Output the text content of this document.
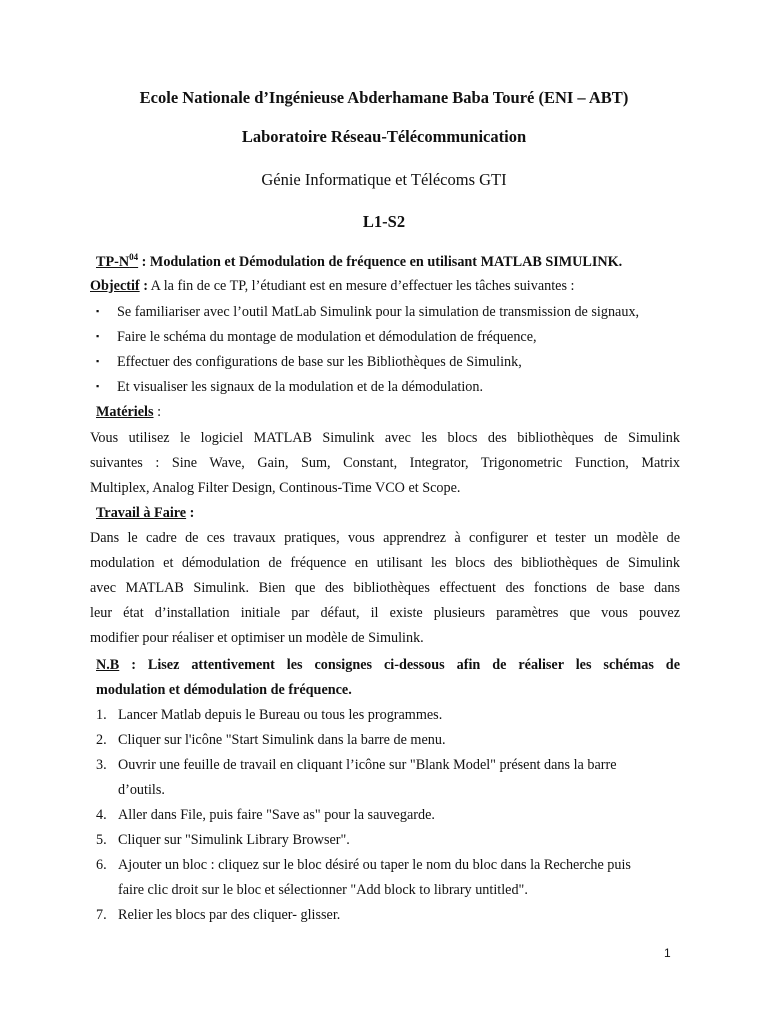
Ecole Nationale d’Ingénieuse Abderhamane Baba Touré (ENI – ABT)
Laboratoire Réseau-Télécommunication
Génie Informatique et Télécoms GTI
L1-S2
$TP-N^{04}$ : Modulation et Démodulation de fréquence en utilisant MATLAB SIMULINK.
Objectif : A la fin de ce TP, l’étudiant est en mesure d’effectuer les tâches suivantes :
▪ Se familiariser avec l’outil MatLab Simulink pour la simulation de transmission de signaux,
▪ Faire le schéma du montage de modulation et démodulation de fréquence,
▪ Effectuer des configurations de base sur les Bibliothèques de Simulink,
▪ Et visualiser les signaux de la modulation et de la démodulation.
Matériels :
Vous utilisez le logiciel MATLAB Simulink avec les blocs des bibliothèques de Simulink
suivantes : Sine Wave, Gain, Sum, Constant, Integrator, Trigonometric Function, Matrix
Multiplex, Analog Filter Design, Continous-Time VCO et Scope.
Travail à Faire :
Dans le cadre de ces travaux pratiques, vous apprendrez à configurer et tester un modèle de
modulation et démodulation de fréquence en utilisant les blocs des bibliothèques de Simulink
avec MATLAB Simulink. Bien que des bibliothèques effectuent des fonctions de base dans
leur état d’installation initiale par défaut, il existe plusieurs paramètres que vous pouvez
modifier pour réaliser et optimiser un modèle de Simulink.
N.B : Lisez attentivement les consignes ci-dessous afin de réaliser les schémas de
modulation et démodulation de fréquence.
1. Lancer Matlab depuis le Bureau ou tous les programmes.
2. Cliquer sur l'icône "Start Simulink dans la barre de menu.
3. Ouvrir une feuille de travail en cliquant l’icône sur "Blank Model" présent dans la barre
d’outils.
4. Aller dans File, puis faire "Save as" pour la sauvegarde.
5. Cliquer sur "Simulink Library Browser".
6. Ajouter un bloc : cliquez sur le bloc désiré ou taper le nom du bloc dans la Recherche puis
faire clic droit sur le bloc et sélectionner "Add block to library untitled".
7. Relier les blocs par des cliquer- glisser.
1
